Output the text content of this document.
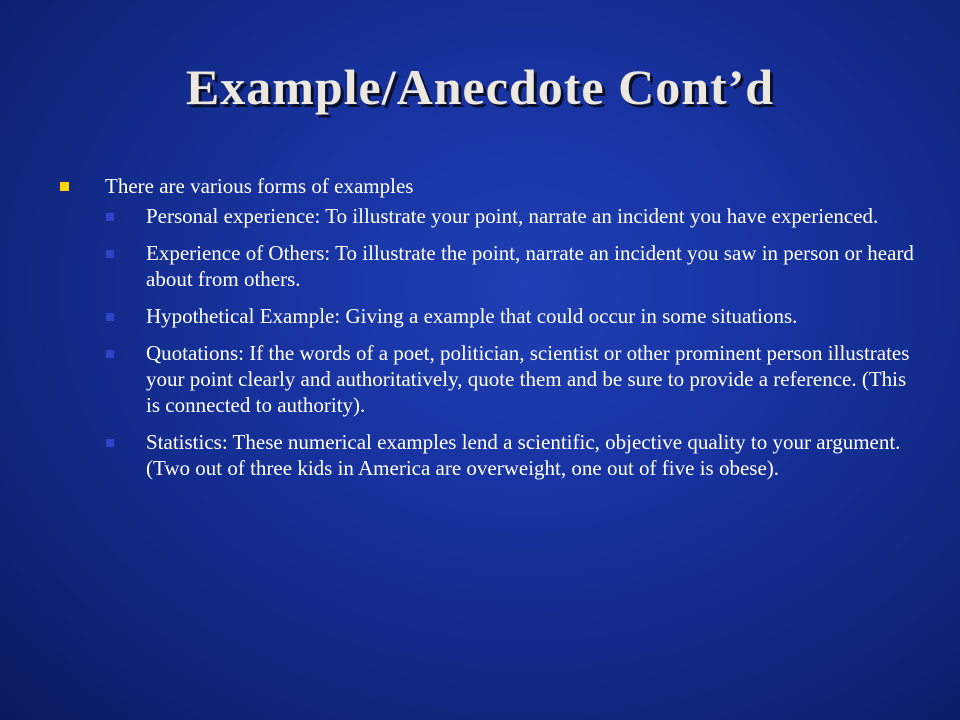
Example/Anecdote Cont’d
There are various forms of examples
Personal experience: To illustrate your point, narrate an incident you have experienced.
Experience of Others: To illustrate the point, narrate an incident you saw in person or heard about from others.
Hypothetical Example: Giving a example that could occur in some situations.
Quotations: If the words of a poet, politician, scientist or other prominent person illustrates your point clearly and authoritatively, quote them and be sure to provide a reference. (This is connected to authority).
Statistics: These numerical examples lend a scientific, objective quality to your argument. (Two out of three kids in America are overweight, one out of five is obese).
